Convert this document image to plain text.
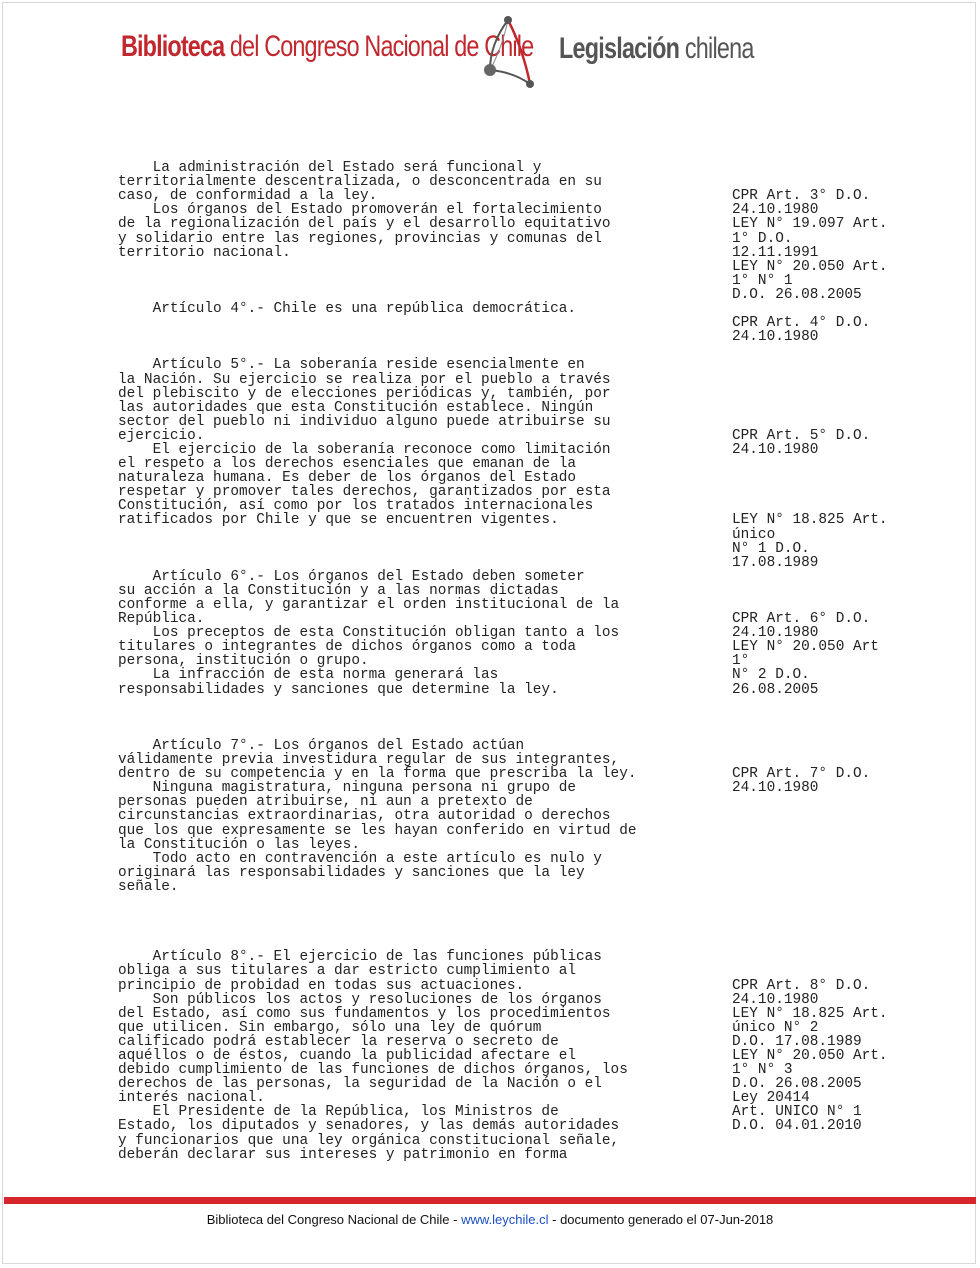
Biblioteca del Congreso Nacional de Chile Legislación chilena
La administración del Estado será funcional y
territorialmente descentralizada, o desconcentrada en su
caso, de conformidad a la ley.
Los órganos del Estado promoverán el fortalecimiento
de la regionalización del país y el desarrollo equitativo
y solidario entre las regiones, provincias y comunas del
territorio nacional.
Artículo 4°.- Chile es una república democrática.
Artículo 5°.- La soberanía reside esencialmente en
la Nación. Su ejercicio se realiza por el pueblo a través
del plebiscito y de elecciones periódicas y, también, por
las autoridades que esta Constitución establece. Ningún
sector del pueblo ni individuo alguno puede atribuirse su
ejercicio.
El ejercicio de la soberanía reconoce como limitación
el respeto a los derechos esenciales que emanan de la
naturaleza humana. Es deber de los órganos del Estado
respetar y promover tales derechos, garantizados por esta
Constitución, así como por los tratados internacionales
ratificados por Chile y que se encuentren vigentes.
Artículo 6°.- Los órganos del Estado deben someter
su acción a la Constitución y a las normas dictadas
conforme a ella, y garantizar el orden institucional de la
República.
Los preceptos de esta Constitución obligan tanto a los
titulares o integrantes de dichos órganos como a toda
persona, institución o grupo.
La infracción de esta norma generará las
responsabilidades y sanciones que determine la ley.
Artículo 7°.- Los órganos del Estado actúan
válidamente previa investidura regular de sus integrantes,
dentro de su competencia y en la forma que prescriba la ley.
Ninguna magistratura, ninguna persona ni grupo de
personas pueden atribuirse, ni aun a pretexto de
circunstancias extraordinarias, otra autoridad o derechos
que los que expresamente se les hayan conferido en virtud de
la Constitución o las leyes.
Todo acto en contravención a este artículo es nulo y
originará las responsabilidades y sanciones que la ley
señale.
Artículo 8°.- El ejercicio de las funciones públicas
obliga a sus titulares a dar estricto cumplimiento al
principio de probidad en todas sus actuaciones.
Son públicos los actos y resoluciones de los órganos
del Estado, así como sus fundamentos y los procedimientos
que utilicen. Sin embargo, sólo una ley de quórum
calificado podrá establecer la reserva o secreto de
aquéllos o de éstos, cuando la publicidad afectare el
debido cumplimiento de las funciones de dichos órganos, los
derechos de las personas, la seguridad de la Nación o el
interés nacional.
El Presidente de la República, los Ministros de
Estado, los diputados y senadores, y las demás autoridades
y funcionarios que una ley orgánica constitucional señale,
deberán declarar sus intereses y patrimonio en forma
CPR Art. 3° D.O.
24.10.1980
LEY N° 19.097 Art.
1° D.O.
12.11.1991
LEY N° 20.050 Art.
1° N° 1
D.O. 26.08.2005
CPR Art. 4° D.O.
24.10.1980
CPR Art. 5° D.O.
24.10.1980
LEY N° 18.825 Art.
único
N° 1 D.O.
17.08.1989
CPR Art. 6° D.O.
24.10.1980
LEY N° 20.050 Art
1°
N° 2 D.O.
26.08.2005
CPR Art. 7° D.O.
24.10.1980
CPR Art. 8° D.O.
24.10.1980
LEY N° 18.825 Art.
único N° 2
D.O. 17.08.1989
LEY N° 20.050 Art.
1° N° 3
D.O. 26.08.2005
Ley 20414
Art. UNICO N° 1
D.O. 04.01.2010
Biblioteca del Congreso Nacional de Chile - www.leychile.cl - documento generado el 07-Jun-2018
